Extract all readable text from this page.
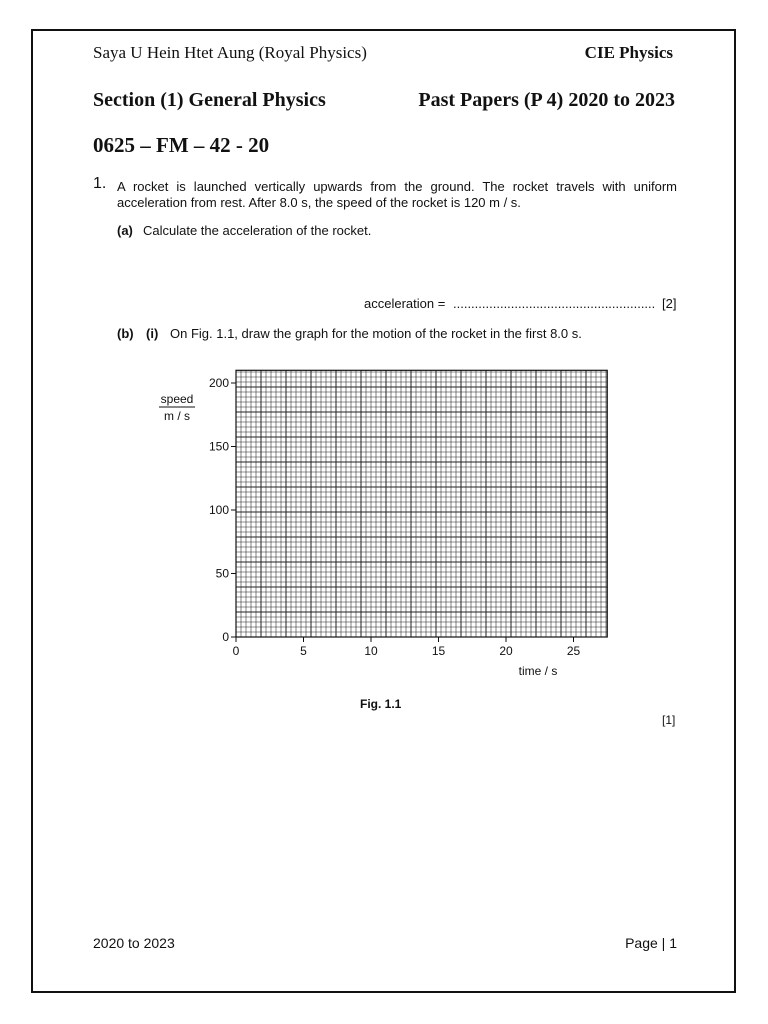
Saya U Hein Htet Aung (Royal Physics)	CIE Physics
Section (1) General Physics	Past Papers (P 4) 2020 to 2023
0625 – FM – 42 - 20
1. A rocket is launched vertically upwards from the ground. The rocket travels with uniform acceleration from rest. After 8.0 s, the speed of the rocket is 120 m / s.
(a) Calculate the acceleration of the rocket.
acceleration = ........................................................ [2]
(b) (i) On Fig. 1.1, draw the graph for the motion of the rocket in the first 8.0 s.
0	5	10	15	20	25
0
50
100
150
200
speed
m / s
time / s
Fig. 1.1
[1]
2020 to 2023	Page | 1
